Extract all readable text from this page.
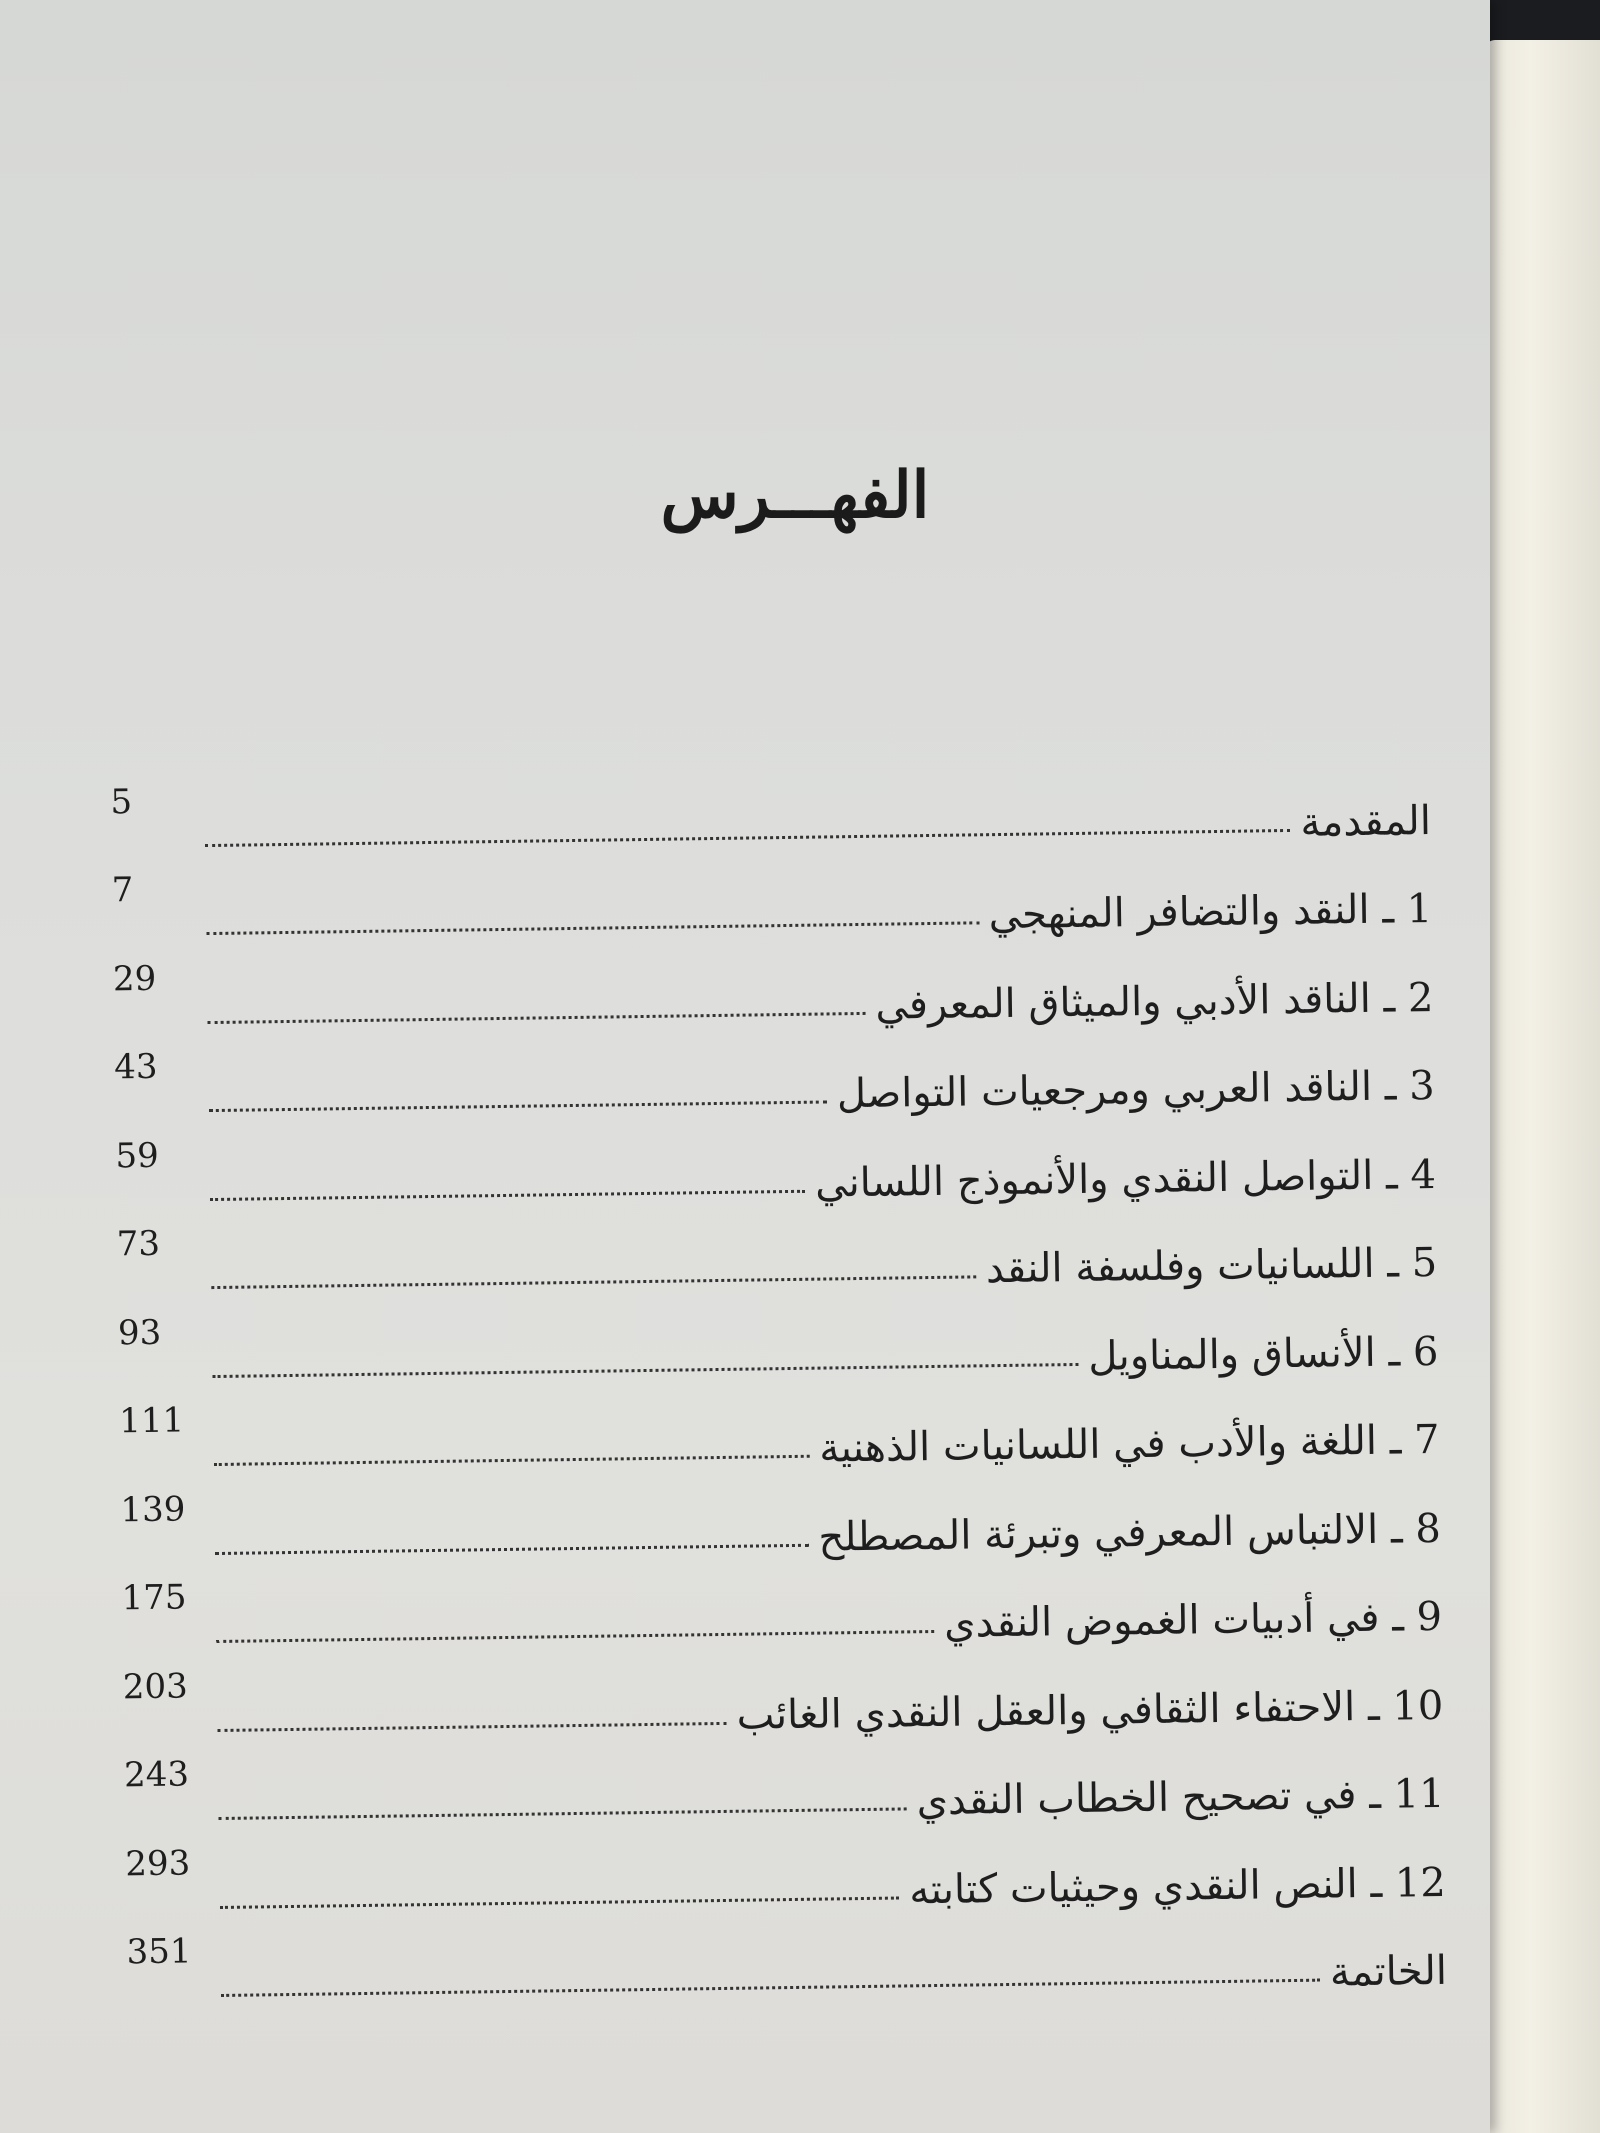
الفهـــرس
المقدمة
5
1 ـ النقد والتضافر المنهجي
7
2 ـ الناقد الأدبي والميثاق المعرفي
29
3 ـ الناقد العربي ومرجعيات التواصل
43
4 ـ التواصل النقدي والأنموذج اللساني
59
5 ـ اللسانيات وفلسفة النقد
73
6 ـ الأنساق والمناويل
93
7 ـ اللغة والأدب في اللسانيات الذهنية
111
8 ـ الالتباس المعرفي وتبرئة المصطلح
139
9 ـ في أدبيات الغموض النقدي
175
10 ـ الاحتفاء الثقافي والعقل النقدي الغائب
203
11 ـ في تصحيح الخطاب النقدي
243
12 ـ النص النقدي وحيثيات كتابته
293
الخاتمة
351
